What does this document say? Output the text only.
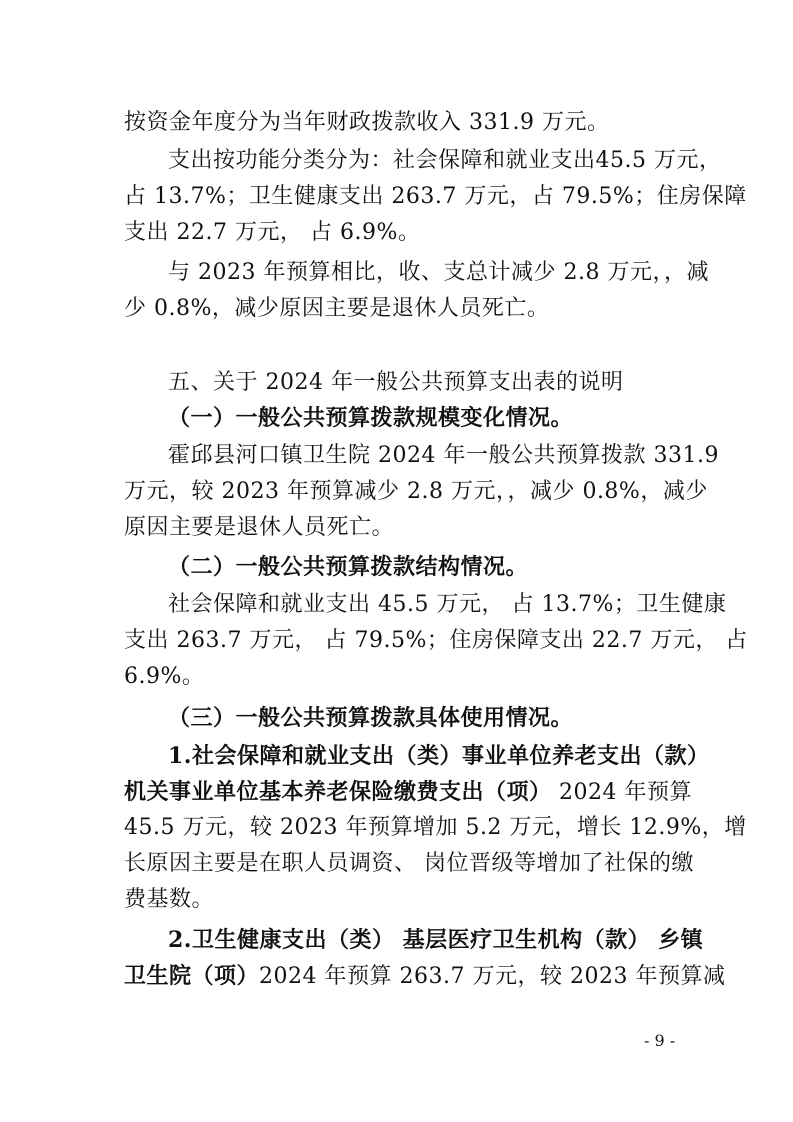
按资金年度分为当年财政拨款收入 331.9 万元。
支出按功能分类分为：社会保障和就业支出45.5 万元，
占 13.7%；卫生健康支出 263.7 万元，占 79.5%；住房保障
支出 22.7 万元， 占 6.9%。
与 2023 年预算相比，收、支总计减少 2.8 万元，，减
少 0.8%，减少原因主要是退休人员死亡。
五、关于 2024 年一般公共预算支出表的说明
（一）一般公共预算拨款规模变化情况。
霍邱县河口镇卫生院 2024 年一般公共预算拨款 331.9
万元，较 2023 年预算减少 2.8 万元，，减少 0.8%，减少
原因主要是退休人员死亡。
（二）一般公共预算拨款结构情况。
社会保障和就业支出 45.5 万元， 占 13.7%；卫生健康
支出 263.7 万元， 占 79.5%；住房保障支出 22.7 万元， 占
6.9%。
（三）一般公共预算拨款具体使用情况。
1.社会保障和就业支出（类）事业单位养老支出（款）
机关事业单位基本养老保险缴费支出（项） 2024 年预算
45.5 万元，较 2023 年预算增加 5.2 万元，增长 12.9%，增
长原因主要是在职人员调资、 岗位晋级等增加了社保的缴
费基数。
2.卫生健康支出（类） 基层医疗卫生机构（款） 乡镇
卫生院（项）2024 年预算 263.7 万元，较 2023 年预算减
- 9 -
